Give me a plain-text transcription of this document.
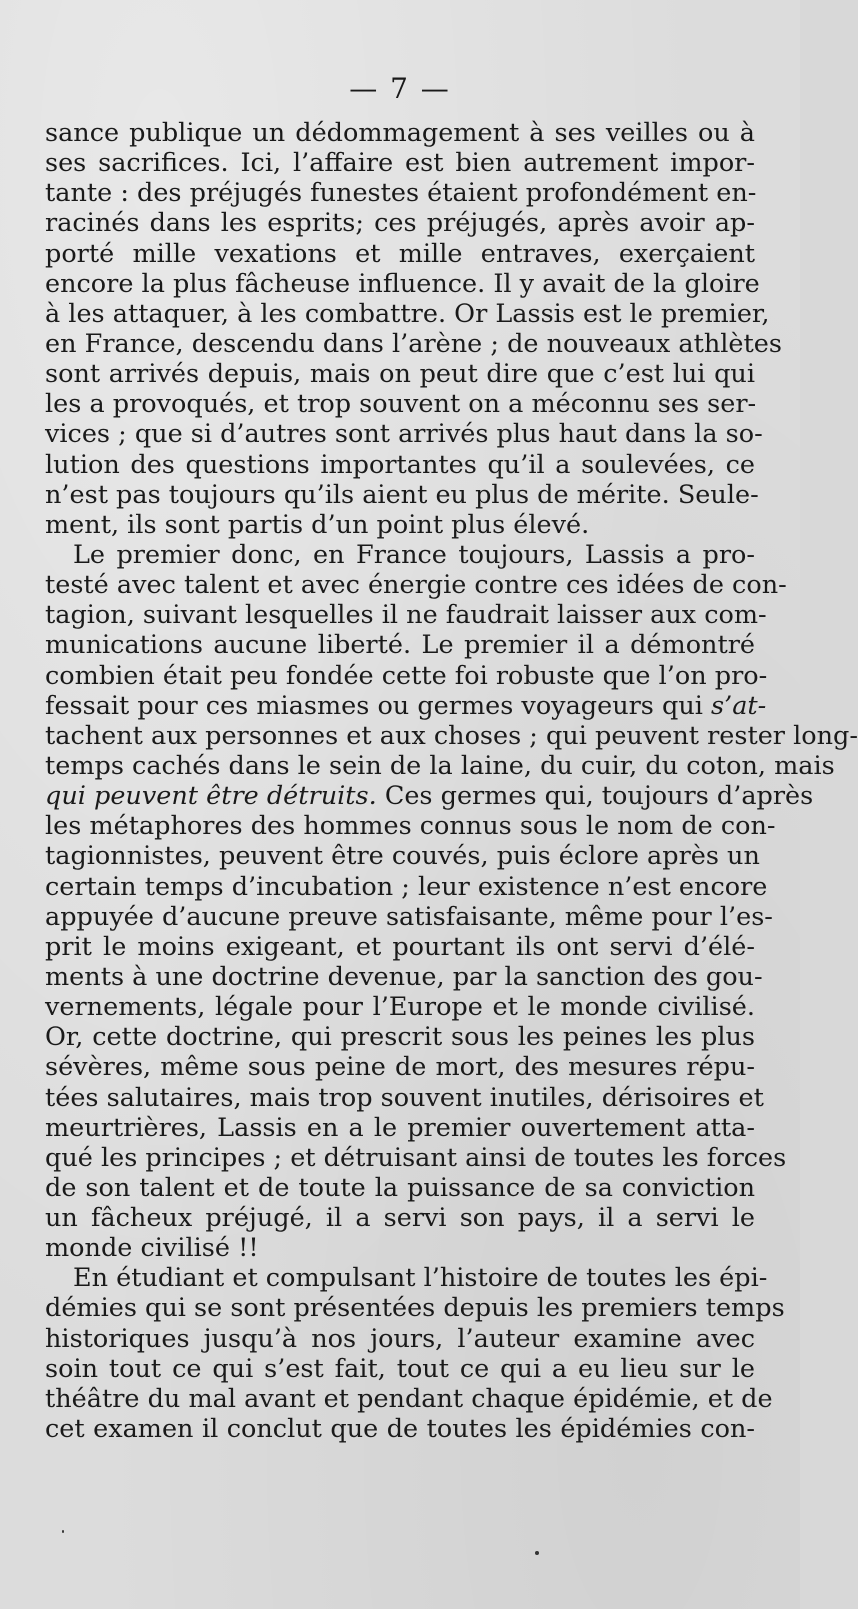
— 7 —
sance publique un dédommagement à ses veilles ou à
ses sacrifices. Ici, l’affaire est bien autrement impor-
tante : des préjugés funestes étaient profondément en-
racinés dans les esprits; ces préjugés, après avoir ap-
porté mille vexations et mille entraves, exerçaient
encore la plus fâcheuse influence. Il y avait de la gloire
à les attaquer, à les combattre. Or Lassis est le premier,
en France, descendu dans l’arène ; de nouveaux athlètes
sont arrivés depuis, mais on peut dire que c’est lui qui
les a provoqués, et trop souvent on a méconnu ses ser-
vices ; que si d’autres sont arrivés plus haut dans la so-
lution des questions importantes qu’il a soulevées, ce
n’est pas toujours qu’ils aient eu plus de mérite. Seule-
ment, ils sont partis d’un point plus élevé.
Le premier donc, en France toujours, Lassis a pro-
testé avec talent et avec énergie contre ces idées de con-
tagion, suivant lesquelles il ne faudrait laisser aux com-
munications aucune liberté. Le premier il a démontré
combien était peu fondée cette foi robuste que l’on pro-
fessait pour ces miasmes ou germes voyageurs qui s’at-
tachent aux personnes et aux choses ; qui peuvent rester long-
temps cachés dans le sein de la laine, du cuir, du coton, mais
qui peuvent être détruits. Ces germes qui, toujours d’après
les métaphores des hommes connus sous le nom de con-
tagionnistes, peuvent être couvés, puis éclore après un
certain temps d’incubation ; leur existence n’est encore
appuyée d’aucune preuve satisfaisante, même pour l’es-
prit le moins exigeant, et pourtant ils ont servi d’élé-
ments à une doctrine devenue, par la sanction des gou-
vernements, légale pour l’Europe et le monde civilisé.
Or, cette doctrine, qui prescrit sous les peines les plus
sévères, même sous peine de mort, des mesures répu-
tées salutaires, mais trop souvent inutiles, dérisoires et
meurtrières, Lassis en a le premier ouvertement atta-
qué les principes ; et détruisant ainsi de toutes les forces
de son talent et de toute la puissance de sa conviction
un fâcheux préjugé, il a servi son pays, il a servi le
monde civilisé !!
En étudiant et compulsant l’histoire de toutes les épi-
démies qui se sont présentées depuis les premiers temps
historiques jusqu’à nos jours, l’auteur examine avec
soin tout ce qui s’est fait, tout ce qui a eu lieu sur le
théâtre du mal avant et pendant chaque épidémie, et de
cet examen il conclut que de toutes les épidémies con-
